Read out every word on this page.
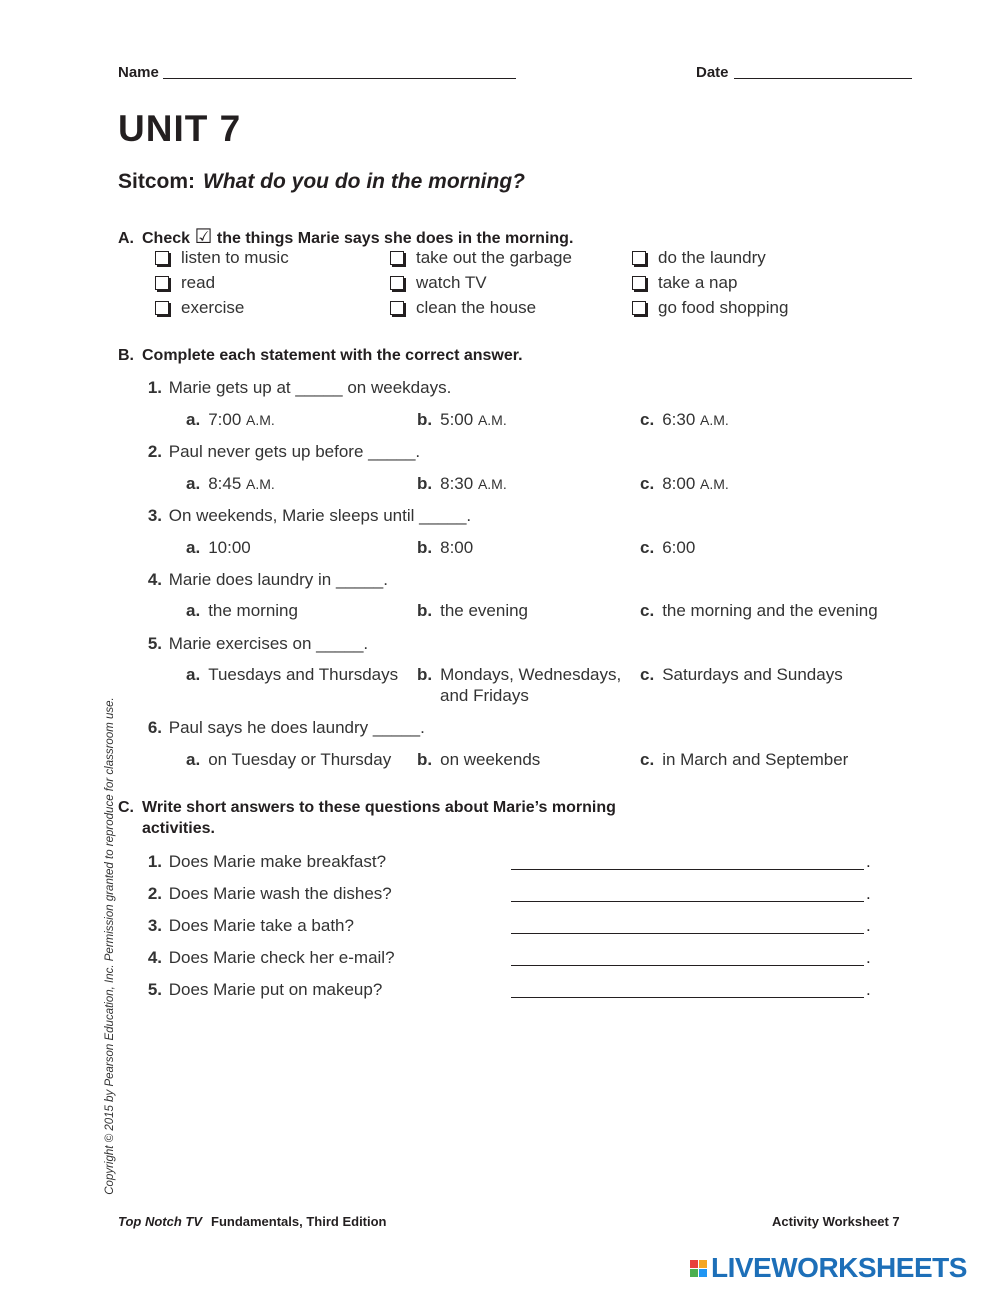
Name	Date
UNIT 7
Sitcom: What do you do in the morning?
A. Check ☑ the things Marie says she does in the morning.
listen to music
read
exercise
take out the garbage
watch TV
clean the house
do the laundry
take a nap
go food shopping
B. Complete each statement with the correct answer.
1. Marie gets up at _____ on weekdays.
a. 7:00 A.M.	b. 5:00 A.M.	c. 6:30 A.M.
2. Paul never gets up before _____.
a. 8:45 A.M.	b. 8:30 A.M.	c. 8:00 A.M.
3. On weekends, Marie sleeps until _____.
a. 10:00	b. 8:00	c. 6:00
4. Marie does laundry in _____.
a. the morning	b. the evening	c. the morning and the evening
5. Marie exercises on _____.
a. Tuesdays and Thursdays b. Mondays, Wednesdays, c. Saturdays and Sundays
and Fridays
6. Paul says he does laundry _____.
a. on Tuesday or Thursday b. on weekends	c. in March and September
C. Write short answers to these questions about Marie’s morning
activities.
1. Does Marie make breakfast?	.
2. Does Marie wash the dishes?	.
3. Does Marie take a bath?	.
4. Does Marie check her e-mail?	.
5. Does Marie put on makeup?	.
Copyright © 2015 by Pearson Education, Inc. Permission granted to reproduce for classroom use.
Top Notch TV Fundamentals, Third Edition	Activity Worksheet 7
LIVEWORKSHEETS
